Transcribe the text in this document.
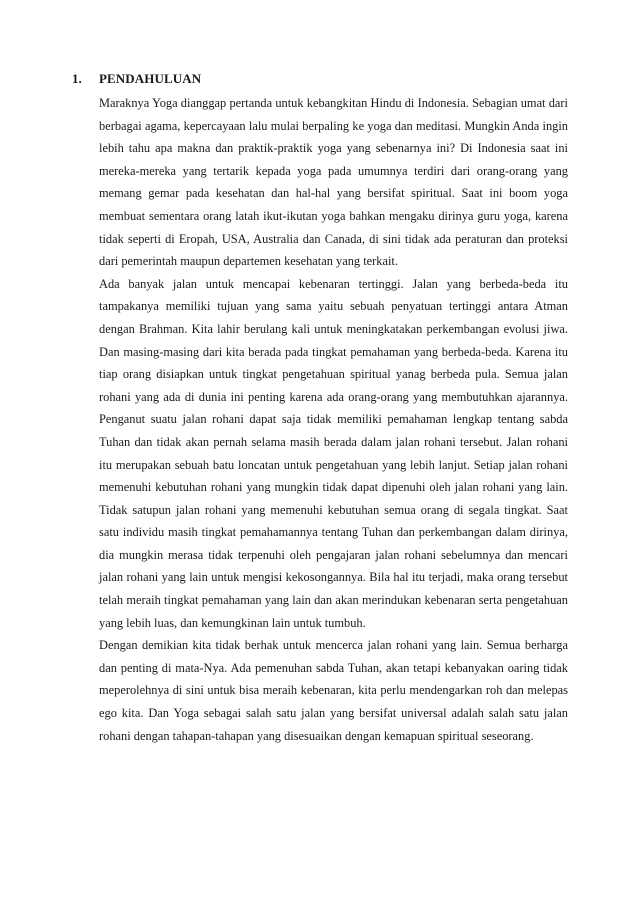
1.	PENDAHULUAN

Maraknya Yoga dianggap pertanda untuk kebangkitan Hindu di Indonesia. Sebagian umat dari berbagai agama, kepercayaan lalu mulai berpaling ke yoga dan meditasi. Mungkin Anda ingin lebih tahu apa makna dan praktik-praktik yoga yang sebenarnya ini? Di Indonesia saat ini mereka-mereka yang tertarik kepada yoga pada umumnya terdiri dari orang-orang yang memang gemar pada kesehatan dan hal-hal yang bersifat spiritual. Saat ini boom yoga membuat sementara orang latah ikut-ikutan yoga bahkan mengaku dirinya guru yoga, karena tidak seperti di Eropah, USA, Australia dan Canada, di sini tidak ada peraturan dan proteksi dari pemerintah maupun departemen kesehatan yang terkait.

Ada banyak jalan untuk mencapai kebenaran tertinggi. Jalan yang berbeda-beda itu tampakanya memiliki tujuan yang sama yaitu sebuah penyatuan tertinggi antara Atman dengan Brahman. Kita lahir berulang kali untuk meningkatakan perkembangan evolusi jiwa. Dan masing-masing dari kita berada pada tingkat pemahaman yang berbeda-beda. Karena itu tiap orang disiapkan untuk tingkat pengetahuan spiritual yanag berbeda pula. Semua jalan rohani yang ada di dunia ini penting karena ada orang-orang yang membutuhkan ajarannya. Penganut suatu jalan rohani dapat saja tidak memiliki pemahaman lengkap tentang sabda Tuhan dan tidak akan pernah selama masih berada dalam jalan rohani tersebut. Jalan rohani itu merupakan sebuah batu loncatan untuk pengetahuan yang lebih lanjut. Setiap jalan rohani memenuhi kebutuhan rohani yang mungkin tidak dapat dipenuhi oleh jalan rohani yang lain. Tidak satupun jalan rohani yang memenuhi kebutuhan semua orang di segala tingkat. Saat satu individu masih tingkat pemahamannya tentang Tuhan dan perkembangan dalam dirinya, dia mungkin merasa tidak terpenuhi oleh pengajaran jalan rohani sebelumnya dan mencari jalan rohani yang lain untuk mengisi kekosongannya. Bila hal itu terjadi, maka orang tersebut telah meraih tingkat pemahaman yang lain dan akan merindukan kebenaran serta pengetahuan yang lebih luas, dan kemungkinan lain untuk tumbuh.

Dengan demikian kita tidak berhak untuk mencerca jalan rohani yang lain. Semua berharga dan penting di mata-Nya. Ada pemenuhan sabda Tuhan, akan tetapi kebanyakan oaring tidak meperolehnya di sini untuk bisa meraih kebenaran, kita perlu mendengarkan roh dan melepas ego kita. Dan Yoga sebagai salah satu jalan yang bersifat universal adalah salah satu jalan rohani dengan tahapan-tahapan yang disesuaikan dengan kemapuan spiritual seseorang.
